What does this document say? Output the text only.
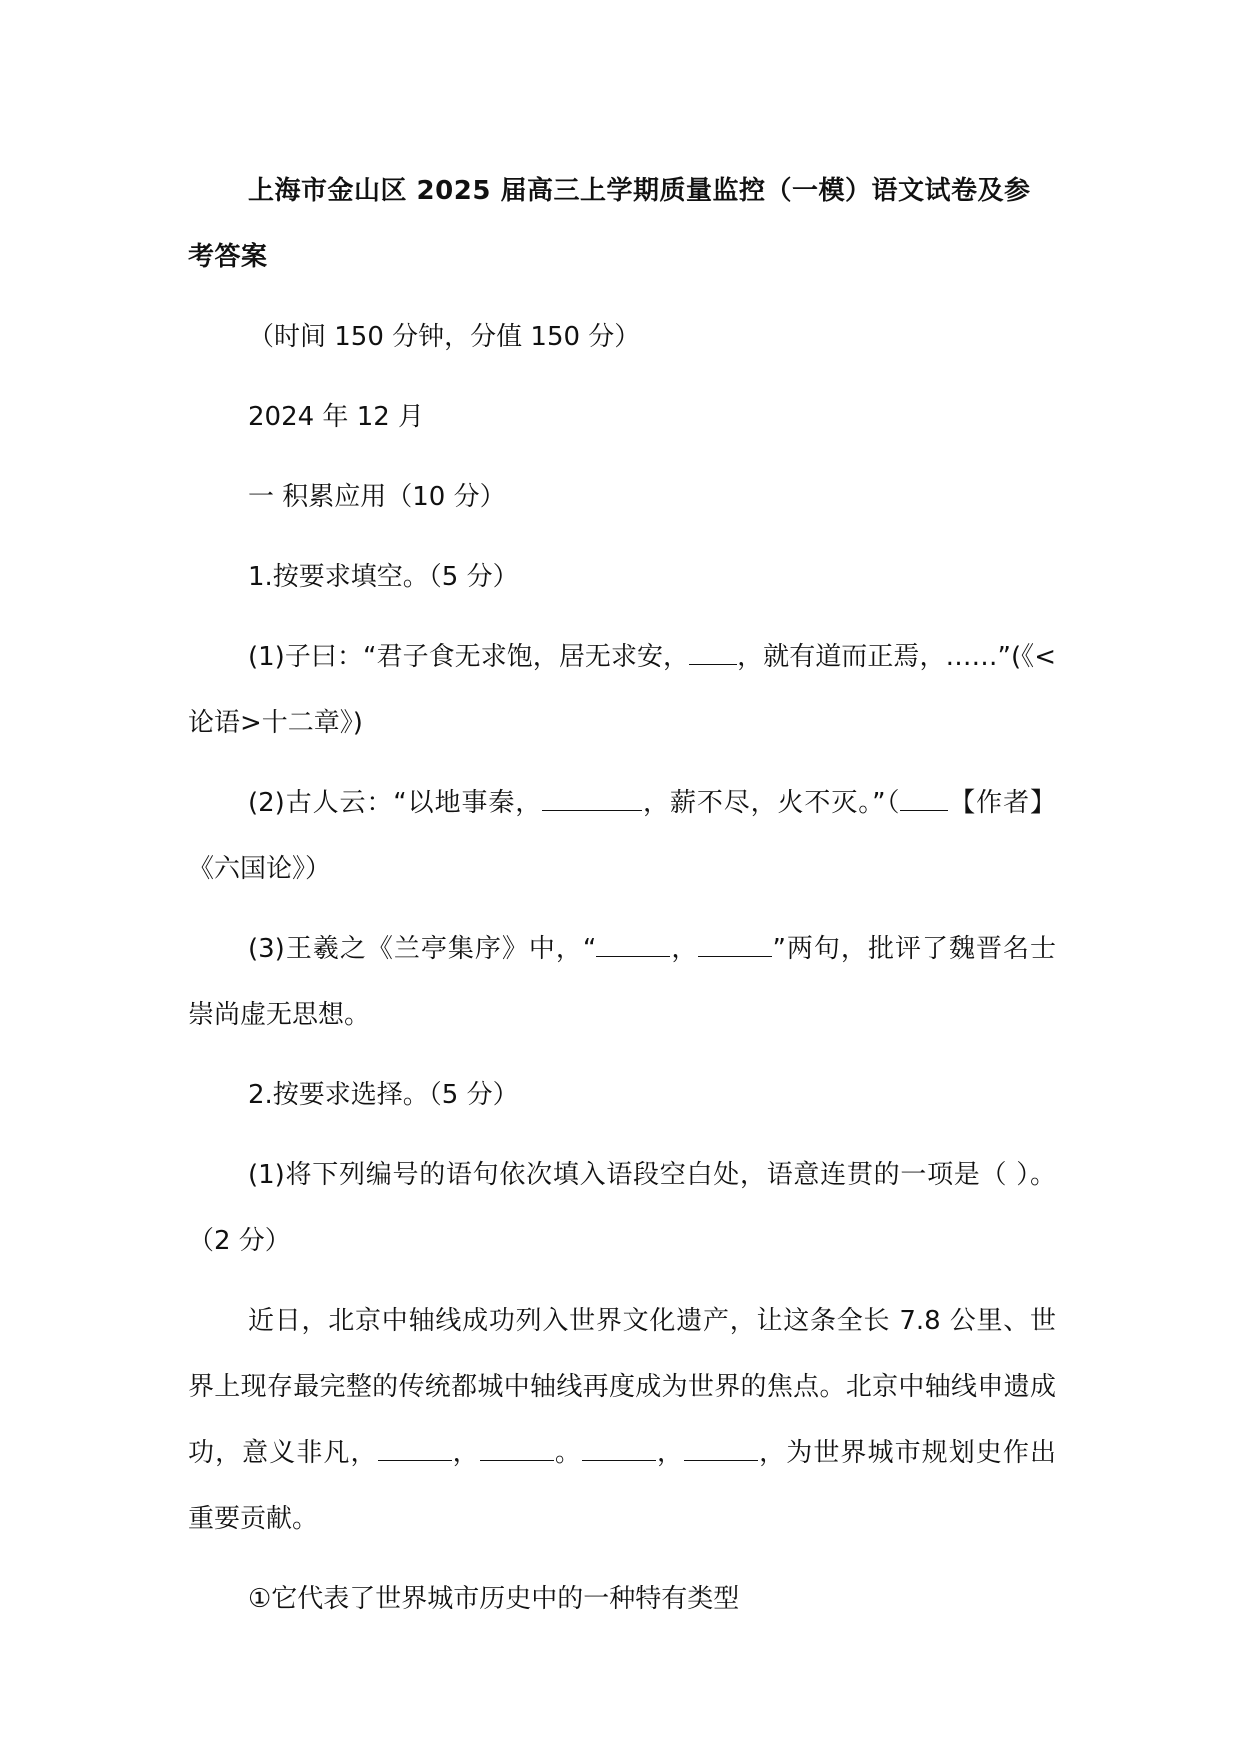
上海市金山区 2025 届高三上学期质量监控（一模）语文试卷及参考答案

（时间 150 分钟，分值 150 分）

2024 年 12 月

一 积累应用（10 分）

1.按要求填空。（5 分）

(1)子曰：“君子食无求饱，居无求安， ，就有道而正焉，……”(《<论语>十二章》)

(2)古人云：“以地事秦，	，薪不尽，火不灭。”（ 【作者】《六国论》）

(3)王羲之《兰亭集序》中，“	，	”两句，批评了魏晋名士崇尚虚无思想。

2.按要求选择。（5 分）

(1)将下列编号的语句依次填入语段空白处，语意连贯的一项是（ ）。（2 分）

近日，北京中轴线成功列入世界文化遗产，让这条全长 7.8 公里、世界上现存最完整的传统都城中轴线再度成为世界的焦点。北京中轴线申遗成功，意义非凡，	，	。	，	，为世界城市规划史作出重要贡献。

①它代表了世界城市历史中的一种特有类型
